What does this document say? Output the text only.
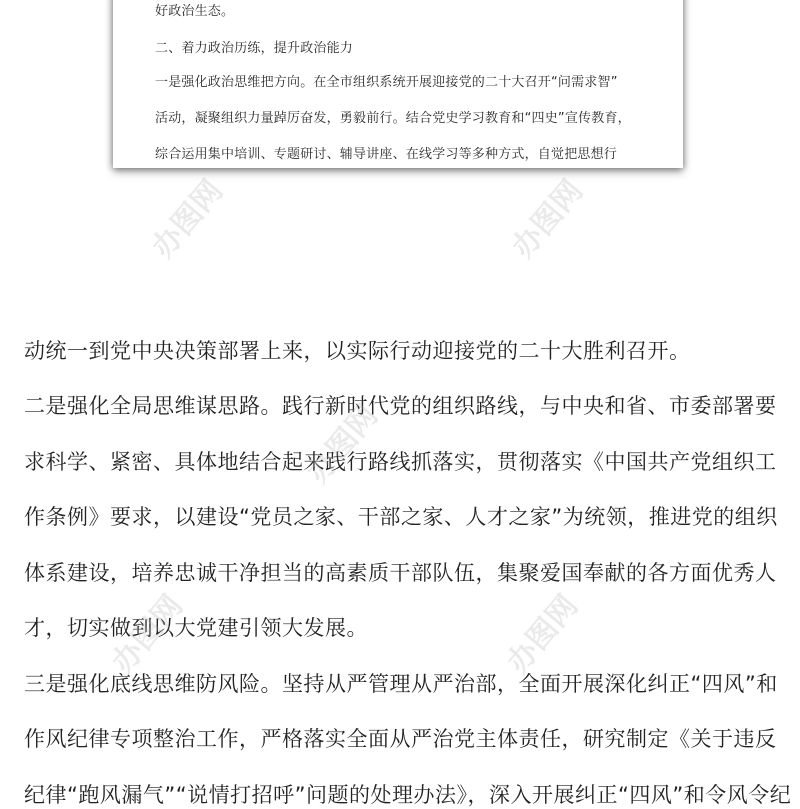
好政治生态。
二、着力政治历练，提升政治能力
一是强化政治思维把方向。在全市组织系统开展迎接党的二十大召开“问需求智”
活动，凝聚组织力量踔厉奋发，勇毅前行。结合党史学习教育和“四史”宣传教育，
综合运用集中培训、专题研讨、辅导讲座、在线学习等多种方式，自觉把思想行
动统一到党中央决策部署上来，以实际行动迎接党的二十大胜利召开。
二是强化全局思维谋思路。践行新时代党的组织路线，与中央和省、市委部署要
求科学、紧密、具体地结合起来践行路线抓落实，贯彻落实《中国共产党组织工
作条例》要求，以建设“党员之家、干部之家、人才之家”为统领，推进党的组织
体系建设，培养忠诚干净担当的高素质干部队伍，集聚爱国奉献的各方面优秀人
才，切实做到以大党建引领大发展。
三是强化底线思维防风险。坚持从严管理从严治部，全面开展深化纠正“四风”和
作风纪律专项整治工作，严格落实全面从严治党主体责任，研究制定《关于违反
纪律“跑风漏气”“说情打招呼”问题的处理办法》，深入开展纠正“四风”和令风令纪
办图网	办图网
办图网
办图网	办图网
